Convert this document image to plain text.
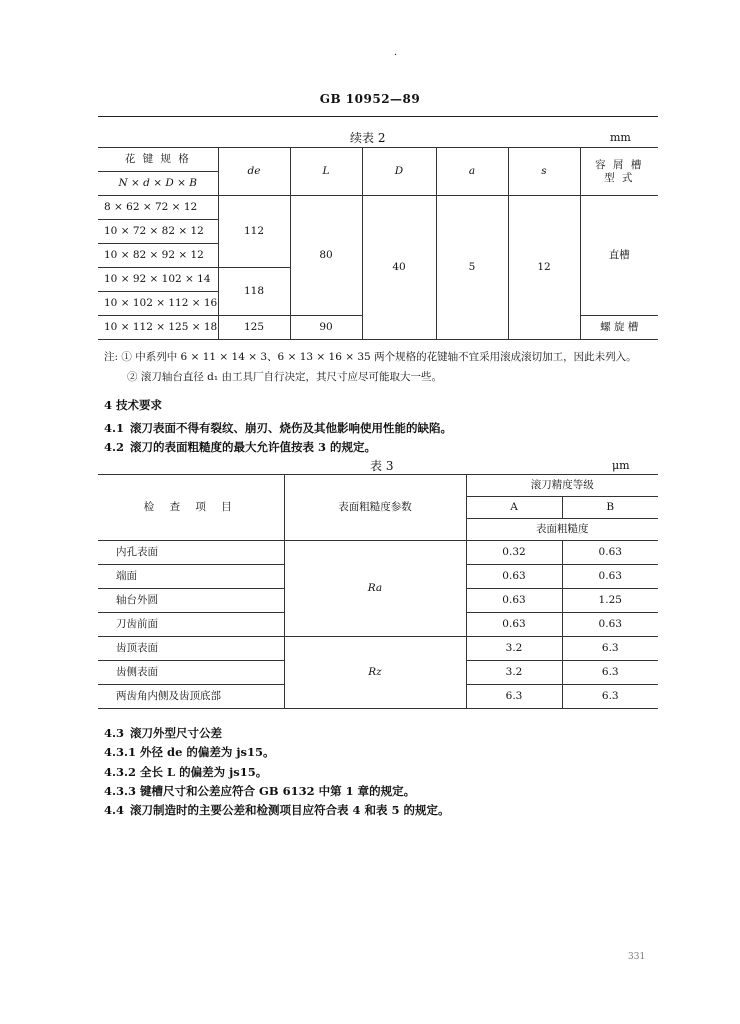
·
GB 10952—89
续表 2	mm
花 键 规 格	de	L	D	a	s	容 屑 槽 型 式
N × d × D × B						
8 × 62 × 72 × 12	112	80	40	5	12	直槽
10 × 72 × 82 × 12						
10 × 82 × 92 × 12						
10 × 92 × 102 × 14	118					
10 × 102 × 112 × 16						
10 × 112 × 125 × 18	125	90				螺 旋 槽
注: ① 中系列中 6 × 11 × 14 × 3、6 × 13 × 16 × 35 两个规格的花键轴不宜采用滚成滚切加工，因此未列入。
② 滚刀轴台直径 d₁ 由工具厂自行决定，其尺寸应尽可能取大一些。
4 技术要求
4.1 滚刀表面不得有裂纹、崩刃、烧伤及其他影响使用性能的缺陷。
4.2 滚刀的表面粗糙度的最大允许值按表 3 的规定。
表 3	μm
检 查 项 目	表面粗糙度参数	滚刀精度等级	
		A	B
		表面粗糙度	
内孔表面	Ra	0.32	0.63
端面		0.63	0.63
轴台外圆		0.63	1.25
刀齿前面		0.63	0.63
齿顶表面	Rz	3.2	6.3
齿侧表面		3.2	6.3
两齿角内侧及齿顶底部		6.3	6.3
4.3 滚刀外型尺寸公差
4.3.1 外径 de 的偏差为 js15。
4.3.2 全长 L 的偏差为 js15。
4.3.3 键槽尺寸和公差应符合 GB 6132 中第 1 章的规定。
4.4 滚刀制造时的主要公差和检测项目应符合表 4 和表 5 的规定。
331
